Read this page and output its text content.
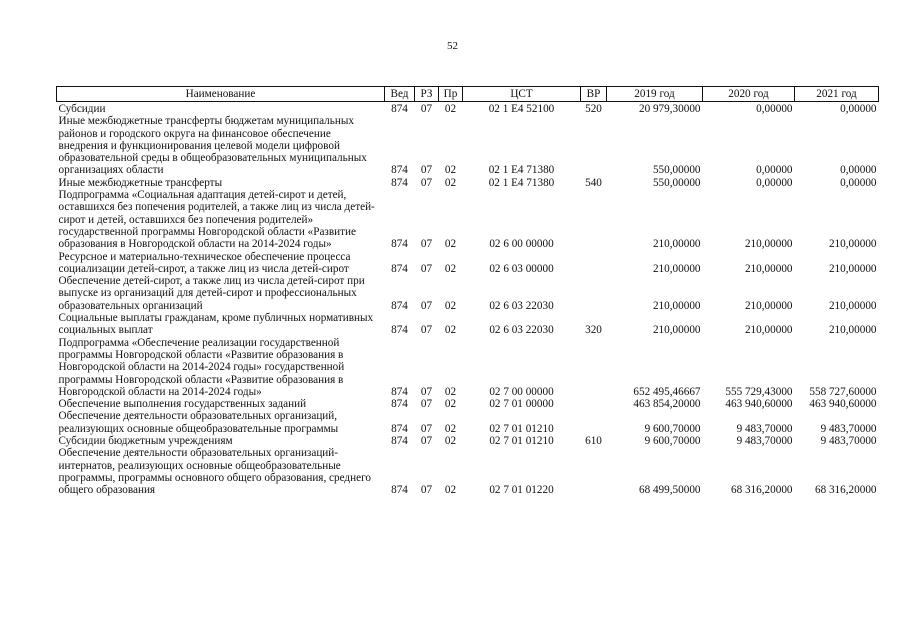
52
Наименование	Вед	РЗ	Пр	ЦСТ	ВР	2019 год	2020 год	2021 год
Субсидии	874	07	02	02 1 E4 52100	520	20 979,30000	0,00000	0,00000
Иные межбюджетные трансферты бюджетам муниципальных районов и городского округа на финансовое обеспечение внедрения и функционирования целевой модели цифровой образовательной среды в общеобразовательных муниципальных организациях области	874	07	02	02 1 E4 71380		550,00000	0,00000	0,00000
Иные межбюджетные трансферты	874	07	02	02 1 E4 71380	540	550,00000	0,00000	0,00000
Подпрограмма «Социальная адаптация детей-сирот и детей, оставшихся без попечения родителей, а также лиц из числа детей-сирот и детей, оставшихся без попечения родителей» государственной программы Новгородской области «Развитие образования в Новгородской области на 2014-2024 годы»	874	07	02	02 6 00 00000		210,00000	210,00000	210,00000
Ресурсное и материально-техническое обеспечение процесса социализации детей-сирот, а также лиц из числа детей-сирот	874	07	02	02 6 03 00000		210,00000	210,00000	210,00000
Обеспечение детей-сирот, а также лиц из числа детей-сирот при выпуске из организаций для детей-сирот и профессиональных образовательных организаций	874	07	02	02 6 03 22030		210,00000	210,00000	210,00000
Социальные выплаты гражданам, кроме публичных нормативных социальных выплат	874	07	02	02 6 03 22030	320	210,00000	210,00000	210,00000
Подпрограмма «Обеспечение реализации государственной программы Новгородской области «Развитие образования в Новгородской области на 2014-2024 годы» государственной программы Новгородской области «Развитие образования в Новгородской области на 2014-2024 годы»	874	07	02	02 7 00 00000		652 495,46667	555 729,43000	558 727,60000
Обеспечение выполнения государственных заданий	874	07	02	02 7 01 00000		463 854,20000	463 940,60000	463 940,60000
Обеспечение деятельности образовательных организаций, реализующих основные общеобразовательные программы	874	07	02	02 7 01 01210		9 600,70000	9 483,70000	9 483,70000
Субсидии бюджетным учреждениям	874	07	02	02 7 01 01210	610	9 600,70000	9 483,70000	9 483,70000
Обеспечение деятельности образовательных организаций-интернатов, реализующих основные общеобразовательные программы, программы основного общего образования, среднего общего образования	874	07	02	02 7 01 01220		68 499,50000	68 316,20000	68 316,20000
